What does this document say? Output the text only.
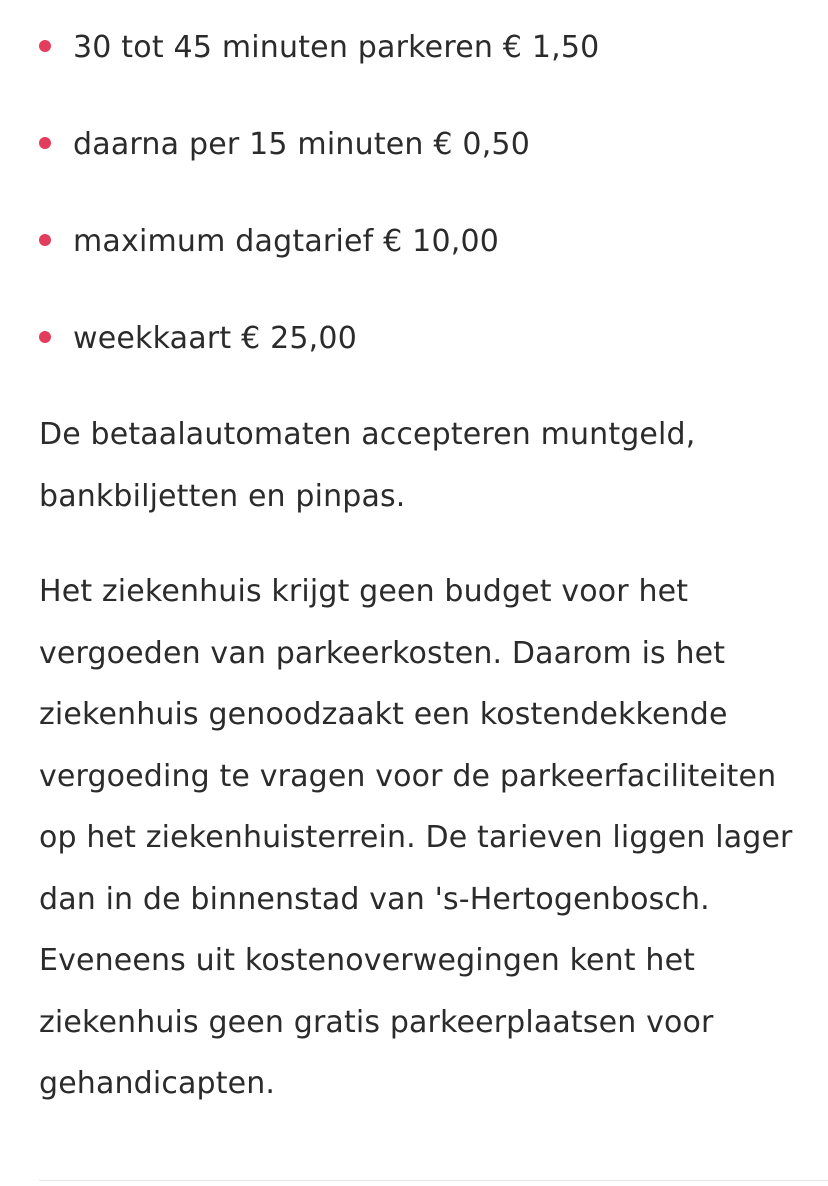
30 tot 45 minuten parkeren € 1,50
daarna per 15 minuten € 0,50
maximum dagtarief € 10,00
weekkaart € 25,00

De betaalautomaten accepteren muntgeld,
bankbiljetten en pinpas.

Het ziekenhuis krijgt geen budget voor het
vergoeden van parkeerkosten. Daarom is het
ziekenhuis genoodzaakt een kostendekkende
vergoeding te vragen voor de parkeerfaciliteiten
op het ziekenhuisterrein. De tarieven liggen lager
dan in de binnenstad van 's-Hertogenbosch.
Eveneens uit kostenoverwegingen kent het
ziekenhuis geen gratis parkeerplaatsen voor
gehandicapten.
